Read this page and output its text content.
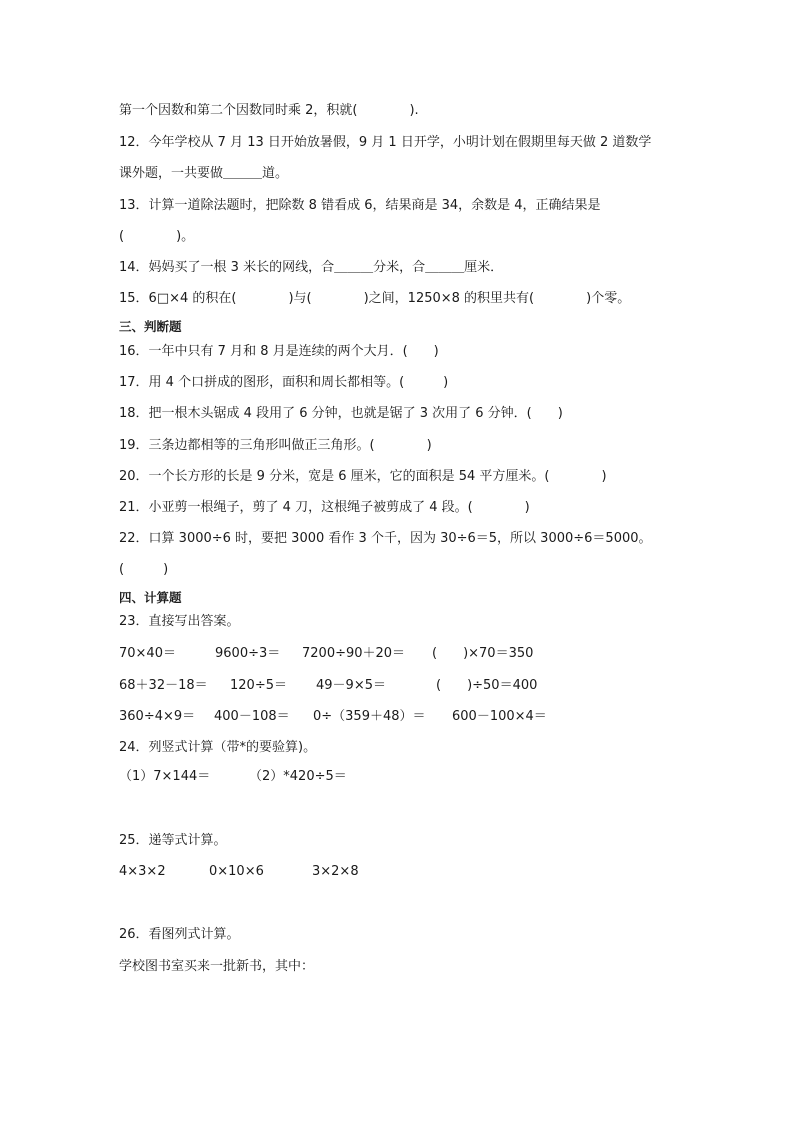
第一个因数和第二个因数同时乘 2，积就(　　　　).
12．今年学校从 7 月 13 日开始放暑假，9 月 1 日开学，小明计划在假期里每天做 2 道数学
课外题，一共要做＿＿＿道。
13．计算一道除法题时，把除数 8 错看成 6，结果商是 34，余数是 4，正确结果是
(　　　　)。
14．妈妈买了一根 3 米长的网线，合＿＿＿分米，合＿＿＿厘米．
15．6□×4 的积在(　　　　)与(　　　　)之间，1250×8 的积里共有(　　　　)个零。
三、判断题
16．一年中只有 7 月和 8 月是连续的两个大月．(　　)
17．用 4 个口拼成的图形，面积和周长都相等。(　　　)
18．把一根木头锯成 4 段用了 6 分钟，也就是锯了 3 次用了 6 分钟．(　　)
19．三条边都相等的三角形叫做正三角形。(　　　　)
20．一个长方形的长是 9 分米，宽是 6 厘米，它的面积是 54 平方厘米。(　　　　)
21．小亚剪一根绳子，剪了 4 刀，这根绳子被剪成了 4 段。(　　　　)
22．口算 3000÷6 时，要把 3000 看作 3 个千，因为 30÷6＝5，所以 3000÷6＝5000。
(　　　)
四、计算题
23．直接写出答案。
70×40＝	9600÷3＝ 7200÷90＋20＝ (　　)×70＝350
68＋32－18＝ 120÷5＝ 49－9×5＝	(　　)÷50＝400
360÷4×9＝ 400－108＝ 0÷（359＋48）＝ 600－100×4＝
24．列竖式计算（带*的要验算)。
（1）7×144＝	（2）*420÷5＝
25．递等式计算。
4×3×2	0×10×6	3×2×8
26．看图列式计算。
学校图书室买来一批新书，其中：
